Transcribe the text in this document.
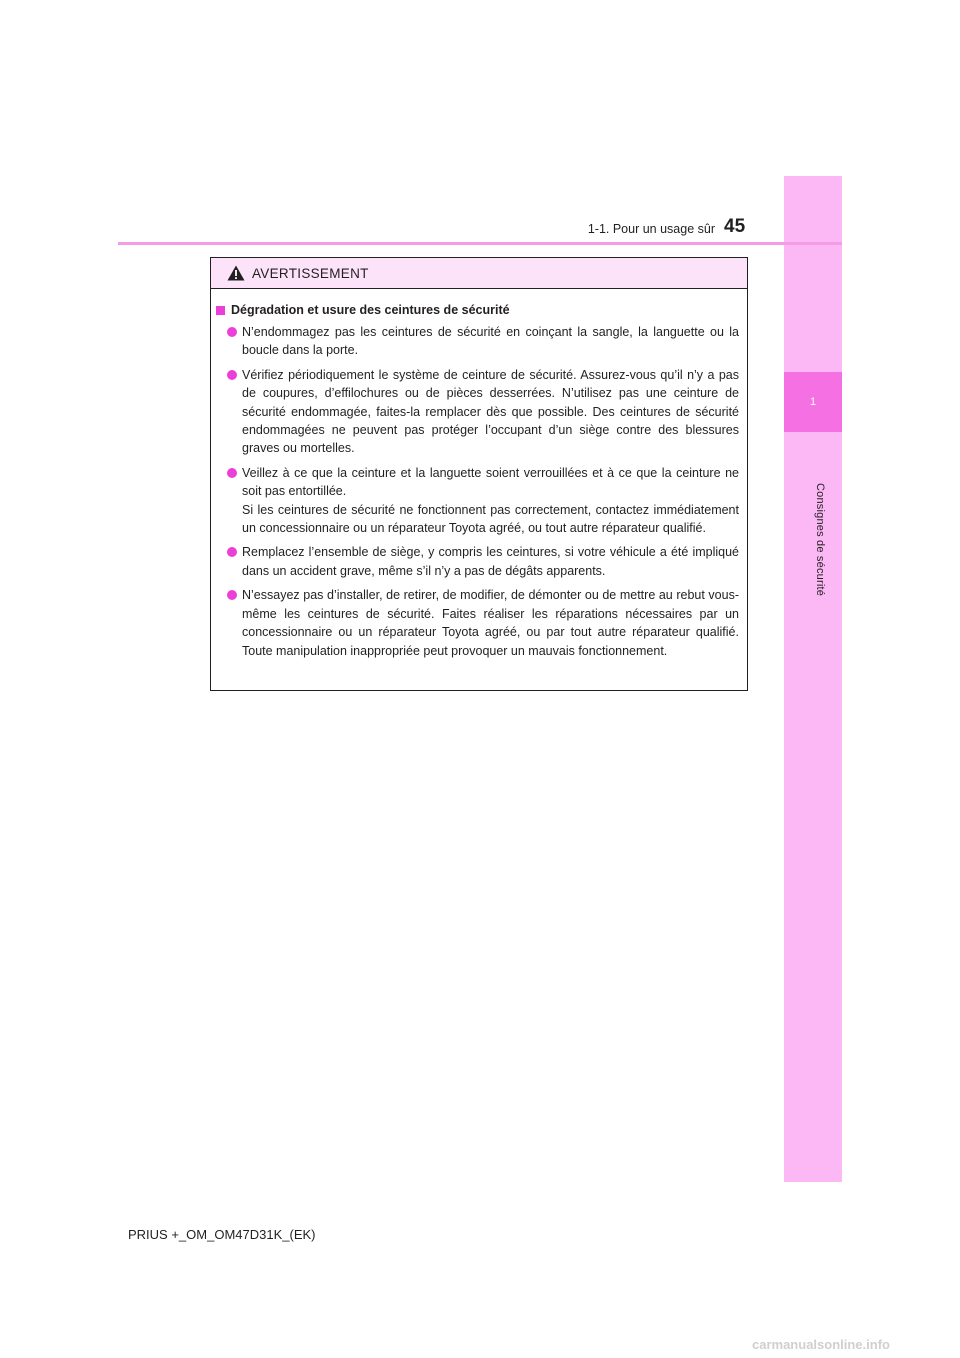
1
Consignes de sécurité
1-1. Pour un usage sûr 45
AVERTISSEMENT
Dégradation et usure des ceintures de sécurité
N’endommagez pas les ceintures de sécurité en coinçant la sangle, la languette ou la boucle dans la porte.
Vérifiez périodiquement le système de ceinture de sécurité. Assurez-vous qu’il n’y a pas de coupures, d’effilochures ou de pièces desserrées. N’utilisez pas une ceinture de sécurité endommagée, faites-la remplacer dès que possible. Des ceintures de sécurité endommagées ne peuvent pas protéger l’occupant d’un siège contre des blessures graves ou mortelles.
Veillez à ce que la ceinture et la languette soient verrouillées et à ce que la ceinture ne soit pas entortillée.
Si les ceintures de sécurité ne fonctionnent pas correctement, contactez immédiatement un concessionnaire ou un réparateur Toyota agréé, ou tout autre réparateur qualifié.
Remplacez l’ensemble de siège, y compris les ceintures, si votre véhicule a été impliqué dans un accident grave, même s’il n’y a pas de dégâts apparents.
N’essayez pas d’installer, de retirer, de modifier, de démonter ou de mettre au rebut vous-même les ceintures de sécurité. Faites réaliser les réparations nécessaires par un concessionnaire ou un réparateur Toyota agréé, ou par tout autre réparateur qualifié. Toute manipulation inappropriée peut provoquer un mauvais fonctionnement.
PRIUS +_OM_OM47D31K_(EK)
carmanualsonline.info
